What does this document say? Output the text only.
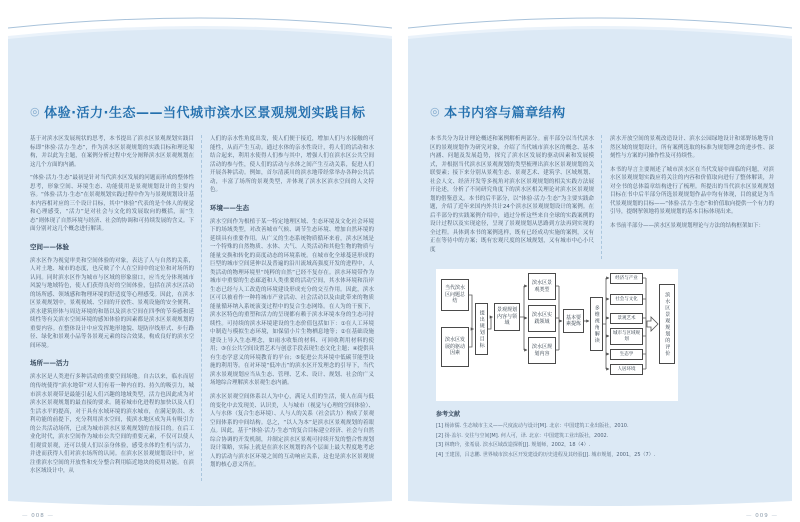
◎ 体验·活力·生态——当代城市滨水区景观规划实践目标

基于对滨水区发展现状的思考，本书提出了滨水区景观规划实践目标即“体验·活力·生态”，作为滨水区景观规划的实践目标和理论架构，并以此为主题，在案例分析过程中充分阐释滨水区景观规划在这几个方面的内涵。

“体验·活力·生态”最初是针对当代滨水区发展的问题而形成的整体性思考，形象空间、环境生态、功能使用是景观规划设计的主要内容。“体验·活力·生态”在景观规划实践过程中作为与景观规划设计基本内容相对应的三个设计目标，其中“体验”代表的是个体人的视觉和心理感受，“活力”是对社会与文化的发展取向的概括，而“生态”则体现了自然环境与经济、社会的协调和可持续发展的含义。下面分别对这几个概念进行解读。

空间——体验

滨水区作为视觉审美和空间体验的对象，表达了人与自然的关系，人对土地、城市的态度，也反映了个人在空间中的定位和对场所的认同。同时滨水区作为城市与区域的形象窗口，应当充分体现城市风貌与地域特色，使人们获得良好的空间体验，包括在滨水区活动的场所感、领域感和物理环境的舒适度等心理感受。因此，在滨水区景观规划中，景观视域、空间的开放性、景观设施的安全便利、滨水建筑形体与周边环境的和谐以及滨水空间在四季的节奏感和延续性等有关滨水空间环境的感知体验的因素都是滨水区景观规划的重要内容。在整体设计中应发挥地形地貌、堤防岸线形式、步行路径、绿化和景观小品等各景观元素的综合效果，构成良好的滨水空间环境。

场所——活力

滨水区是人类进行多种活动的重要空间场地。自古以来，临水而居的传统使得“滨水地带”对人们有着一种内在的、持久的吸引力，城市滨水景观带是最能引起人们兴趣的地域类型，活力也因此成为对滨水区景观规划的最直接的要求。随着城市化进程的加快以及人们生活水平的提高，对于具有水域环境的滨水城市，在满足防洪、水利功能的前提下，充分利用滨水空间，使滨水地区成为具有吸引力的公共活动场所，已成为城市滨水区景观规划的直接目的。在后工业化时代，滨水空间作为城市公共空间的重要元素，不仅可以使人们观赏景观，还可以使人们以亲身体验，感受水体的生机与活力，并进而获得人们对滨水场所的认同。在滨水区景观规划设计中，应注重滨水空间的开放性和充分整合利用临近地块的使用功能。在滨水区域设计中，从

人们的亲水性角度出发，使人们便于接近，增加人们与水接触的可能性，从而产生互动。通过水体的亲水性设计，将人们的活动和水结合起来，利用水使得人们参与其中，增强人们在滨水区公共空间活动的参与性，使人们的活动与水体之间产生互动关系，促进人们开展各种活动。例如，首尔清溪川的滨水地带经常举办各种公共活动，丰富了场所的景观类型，并体现了滨水区滨水空间的人文特色。

环境——生态

滨水空间作为根植于某一特定地理区域、生态环境及文化社会环境下的场域类型，对改善城市气候、调节生态环境、增加自然环境的延续具有重要作用。从广义的生态系统物质循环来看，滨水区域是一个特殊的自然物质、水体、大气、人类活动和其他生物的物质与能量交换和转化的高度动态的环境系统。在城市化全球蔓延形成的巨型的城市空间延伸以及普遍的沿川流域高强度开发的进程中，人类活动的物理环境里“纯粹的自然”已经不复存在。滨水环境带作为城市中重要的生态廊道和人类重要的活动空间，其水体环境和沿岸生态已经与人工改造的环境建设形成充分的交互作用。因此，滨水区可以被看作一种将城市产业活动、社会活动以及由此带来的物质能量循环纳入系统演变过程中的复合生态网络。在人为的干预下，滨水区特色的重塑和活力的呈现都有赖于滨水环境本身的生态可持续性。可持续的滨水环境建设的生态价值包括如下：①在人工环境中制造与模拟生态环境，如保留小片生物栖息地等；②在基础设施建设上导入生态理念，如雨水收集的材料、可回收利用材料的使用；③在公共空间设置艺术与创意手段表现生态文化主题；④提供具有生态学意义的环境教育的平台；⑤促进公共环境中低碳节能型设施的利用等。在对环境“低冲击”的滨水区开发理念的引导下，当代滨水景观规划应当从生态、管理、艺术、设计、规划、社会的广义场地综合理解滨水景观生态内涵。

滨水区景观空间体系以人为中心，满足人们的生活，使人在高与低的变化中去发现美、认识美，人与城市（视觉与心理的空间体验）、人与水体（复合生态环境）、人与人的关系（社会活力）构成了景观空间体系的中间结构。总之，“以人为本”是滨水区景观规划的着眼点。因此，基于“体验·活力·生态”的复合目标建立经济、社会与自然综合协调的开发机制，并制定滨水区景观可持续开发的整合性规划设计策略，实际上就是在滨水区规划的各个层面上最大程度地考虑人的活动与滨水区环境之间的互动响应关系，这也是滨水区景观规划的核心意义所在。

— 008 —
◎ 本书内容与篇章结构

本书共分为设计理论概述和案例解析两部分。前半部分以当代滨水区的景观规划作为研究对象，介绍了当代城市滨水区的概念、基本内涵、问题及发展趋势，探究了滨水区发展的驱动因素和发展模式，并根据当代滨水区景观规划的类型梳理出滨水区景观规划的关联要素；接下来分别从景观生态、景观艺术、建筑学、区域规划、社会人文、经济开发等多视角对滨水区景观规划的相关实践方法展开论述，分析了不同研究角度下的滨水区相关理论对滨水区景观规划的借鉴意义。本书的后半部分，以“体验·活力·生态”为主要实践命题，介绍了近年来国内外共计24个滨水区景观规划设计的案例。在后半部分的实践案例介绍中，通过分析这些来自全球的实践案例的设计过程以及实现途径，呈现了景观规划从思路到方法再到实现的全过程。具体到本书的案例选样，既有已经成功实施的案例，又有正在等待中的方案；既有宏观尺度的区域规划，又有城市中心小尺度

滨水开放空间的景观改造设计、滨水公园绿地设计和郊野场地等自然区域的规划设计。所有案例选取的标准为规划理念的进步性、深刻性与方案的可操作性及可持续性。

本书的导言主要阐述了城市滨水区在当代发展中面临的问题，对滨水区景观规划实践应将关注的内容和价值取向进行了整体解读，并对全书的总体篇章结构进行了梳理。所提出的当代滨水区景观规划目标在书中后半部分所选景观规划作品中均有体现，目的就是为当代景观规划的目标——“体验·活力·生态”和价值取向提供一个有力的引导，提纲挈领地将景观规划的基本目标体现出来。

本书前半部分——滨水区景观规划理论与方法的结构框架如下：

当代滨水区问题总结
滨水区发展的驱动因素
提出规划目标	景观规划内容与领域
滨水区景观类型
滨水区实践领域
滨水区规划内容
基本要素提炼	多维视角解读
经济与产业
社会与文化
景观艺术
城市与区域规划
生态学
人居环境
滨水区景观规划的评价
参考文献

[1] 杨沛儒. 生态城市主义——尺度流动与设计[M]. 北京：中国建筑工业出版社，2010.

[2] 扬·盖尔. 交往与空间[M]. 何人可，译. 北京：中国建筑工业出版社，2002.

[3] 林晓玲，张希晨. 滨水区域改造探析[J]. 规划师，2002，18（4）.

[4] 王建国，吕志鹏. 世界城市滨水区开发建设的历史进程及其经验[J]. 城市规划，2001，25（7）.

— 009 —
